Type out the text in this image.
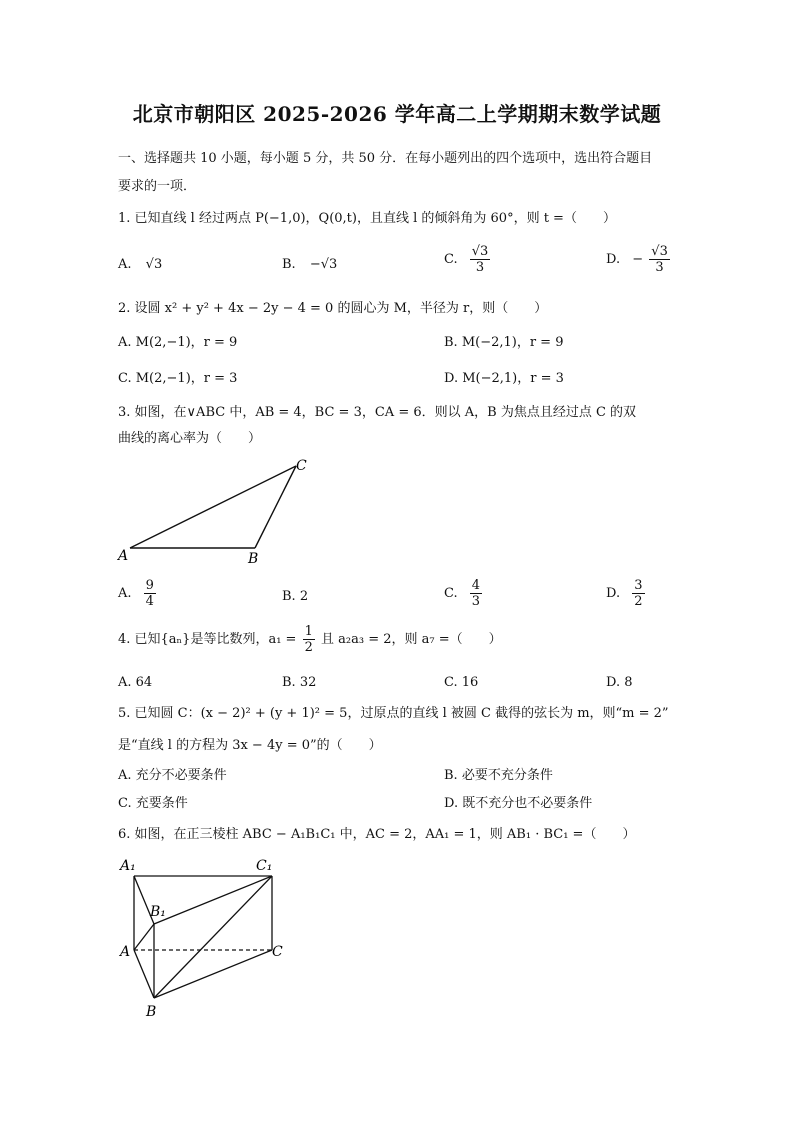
北京市朝阳区 2025-2026 学年高二上学期期末数学试题
一、选择题共 10 小题，每小题 5 分，共 50 分．在每小题列出的四个选项中，选出符合题目
要求的一项．
1. 已知直线 l 经过两点 P(−1,0)，Q(0,t)，且直线 l 的倾斜角为 60°，则 t =（　　）
A. √3	B. −√3	C. $\frac{√3}{3}$	D. − $\frac{√3}{3}$
2. 设圆 x² + y² + 4x − 2y − 4 = 0 的圆心为 M，半径为 r，则（　　）
A. M(2,−1)，r = 9	B. M(−2,1)，r = 9
C. M(2,−1)，r = 3	D. M(−2,1)，r = 3
3. 如图，在∨ABC 中，AB = 4，BC = 3，CA = 6．则以 A，B 为焦点且经过点 C 的双
曲线的离心率为（　　）
A	B
C
A. $\frac{9}{4}$	B. 2	C. $\frac{4}{3}$	D. $\frac{3}{2}$
4. 已知{aₙ}是等比数列，$a_1 = \frac{1}{2}$ 且 a₂a₃ = 2，则 a₇ =（　　）
A. 64	B. 32	C. 16	D. 8
5. 已知圆 C：(x − 2)² + (y + 1)² = 5，过原点的直线 l 被圆 C 截得的弦长为 m，则“m = 2”
是“直线 l 的方程为 3x − 4y = 0”的（　　）
A. 充分不必要条件	B. 必要不充分条件
C. 充要条件	D. 既不充分也不必要条件
6. 如图，在正三棱柱 ABC − A₁B₁C₁ 中，AC = 2，AA₁ = 1，则 AB₁ · BC₁ =（　　）
A₁	C₁
B₁
A	C
B
